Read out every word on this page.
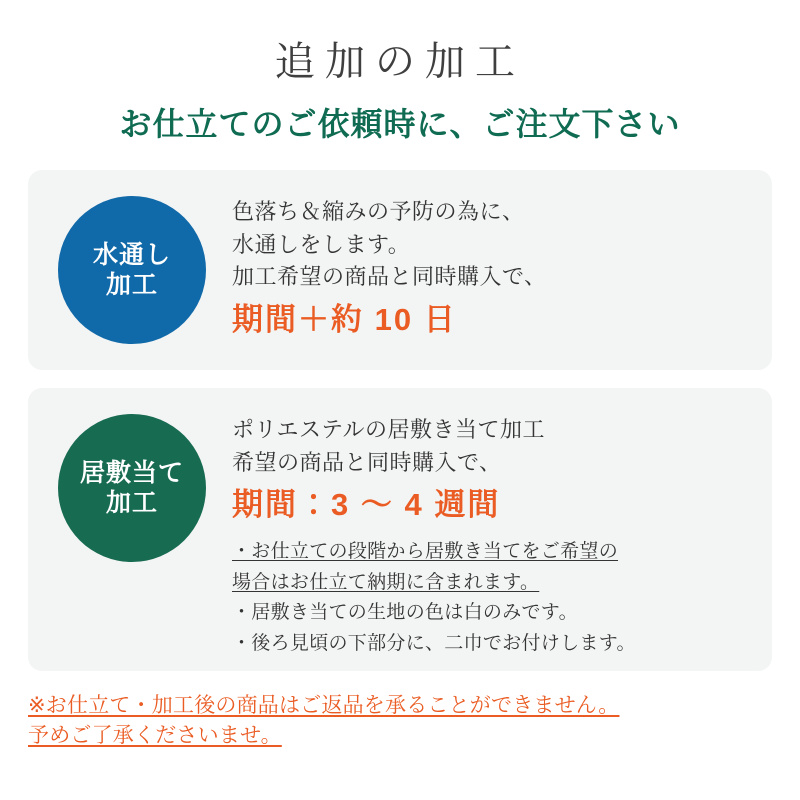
追加の加工
お仕立てのご依頼時に、ご注文下さい
水通し
加工
色落ち＆縮みの予防の為に、
水通しをします。
加工希望の商品と同時購入で、
期間＋約 10 日
居敷当て
加工
ポリエステルの居敷き当て加工
希望の商品と同時購入で、
期間：3 ～ 4 週間
・お仕立ての段階から居敷き当てをご希望の
場合はお仕立て納期に含まれます。
・居敷き当ての生地の色は白のみです。
・後ろ見頃の下部分に、二巾でお付けします。
※お仕立て・加工後の商品はご返品を承ることができません。
予めご了承くださいませ。
